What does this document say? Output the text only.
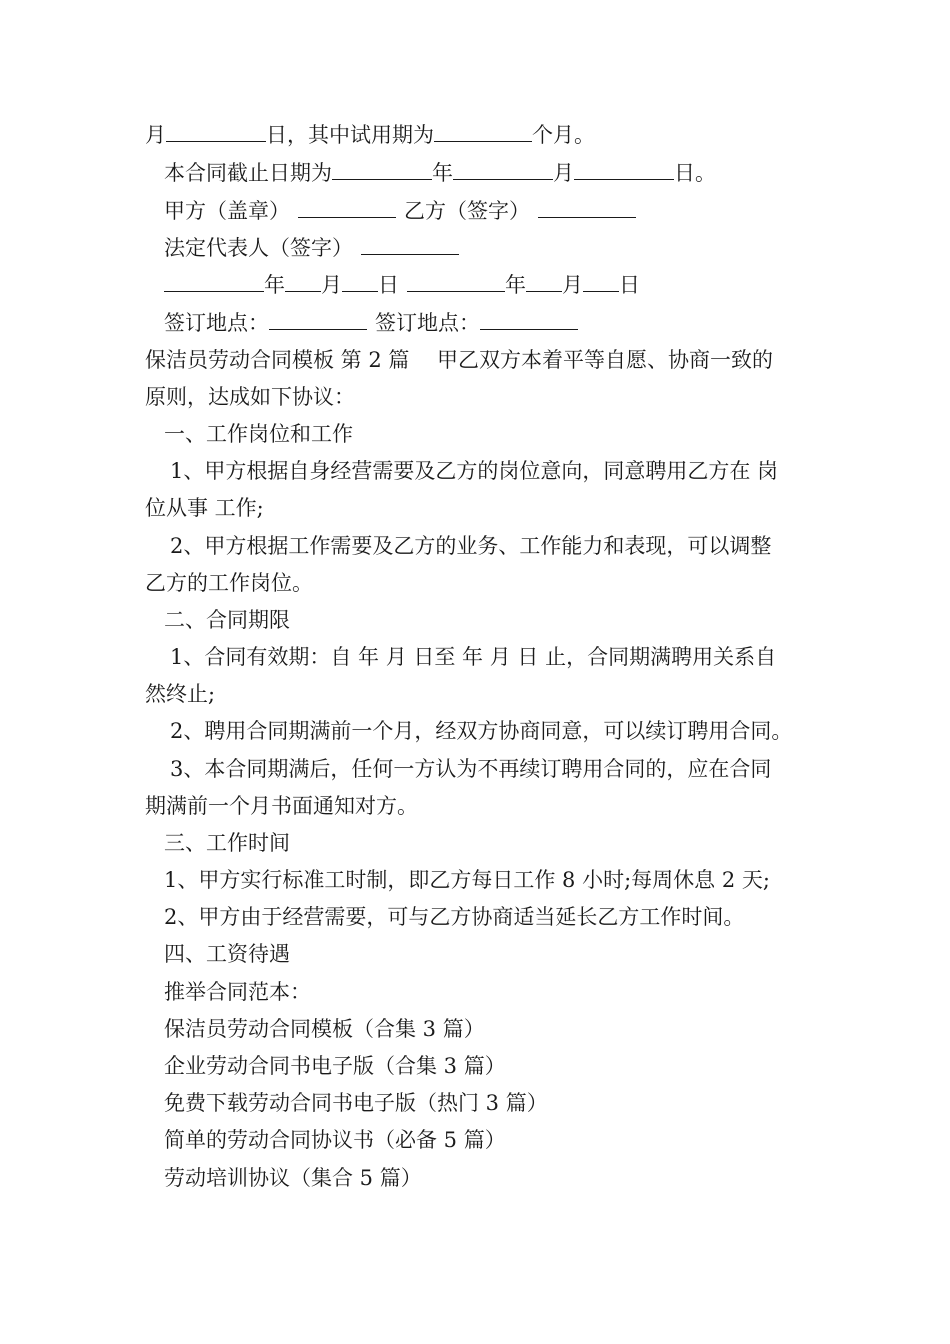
月	日，其中试用期为	个月。
本合同截止日期为	年	月	日。
甲方（盖章）	乙方（签字）
法定代表人（签字）
年 月 日	年 月 日
签订地点：	签订地点：
保洁员劳动合同模板 第 2 篇　 甲乙双方本着平等自愿、协商一致的
原则，达成如下协议：
一、工作岗位和工作
1、甲方根据自身经营需要及乙方的岗位意向，同意聘用乙方在 岗
位从事 工作;
2、甲方根据工作需要及乙方的业务、工作能力和表现，可以调整
乙方的工作岗位。
二、合同期限
1、合同有效期：自 年 月 日至 年 月 日 止，合同期满聘用关系自
然终止;
2、聘用合同期满前一个月，经双方协商同意，可以续订聘用合同。
3、本合同期满后，任何一方认为不再续订聘用合同的，应在合同
期满前一个月书面通知对方。
三、工作时间
1、甲方实行标准工时制，即乙方每日工作 8 小时;每周休息 2 天;
2、甲方由于经营需要，可与乙方协商适当延长乙方工作时间。
四、工资待遇
推举合同范本：
保洁员劳动合同模板（合集 3 篇）
企业劳动合同书电子版（合集 3 篇）
免费下载劳动合同书电子版（热门 3 篇）
简单的劳动合同协议书（必备 5 篇）
劳动培训协议（集合 5 篇）
